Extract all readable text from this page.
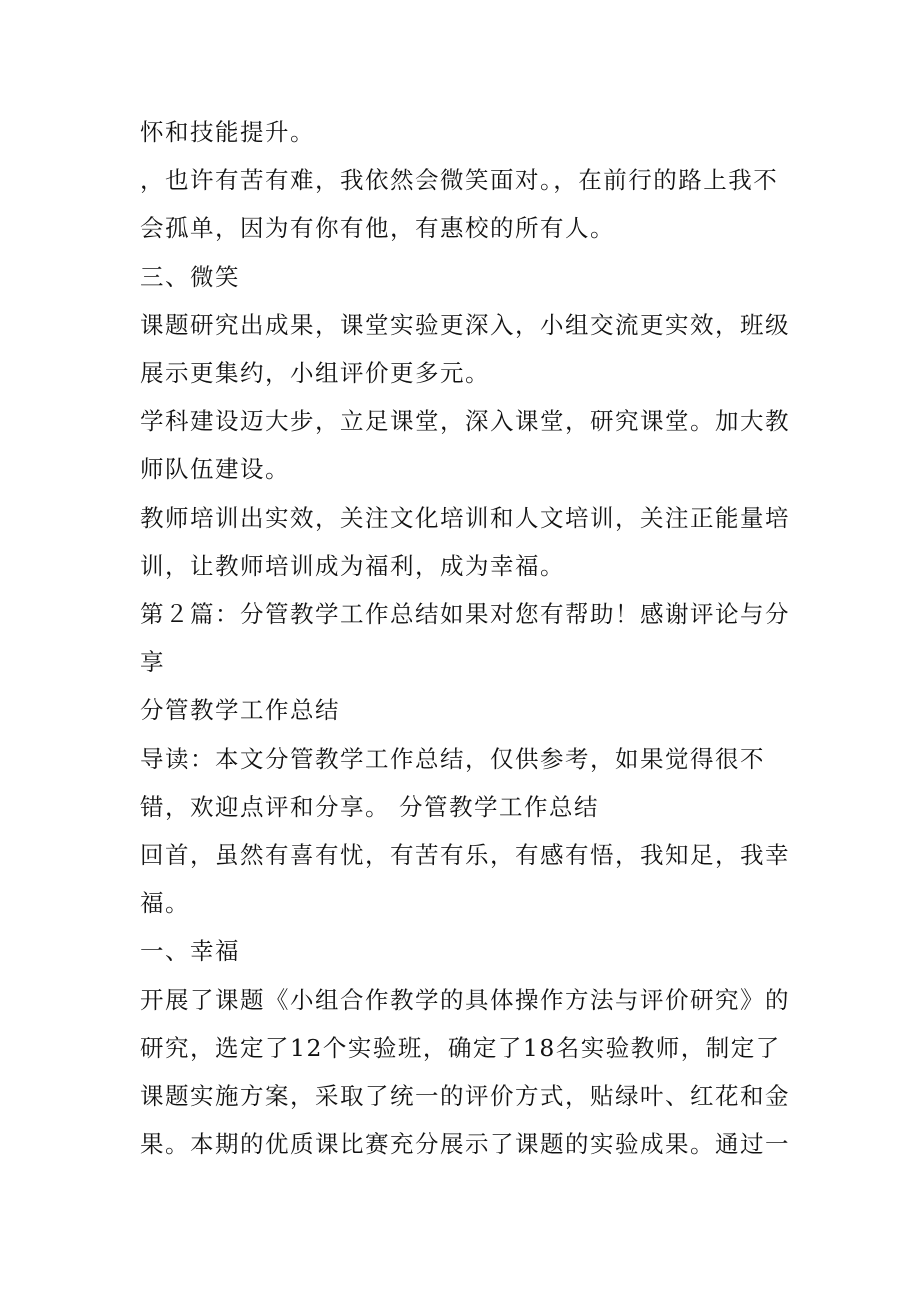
怀和技能提升。

，也许有苦有难，我依然会微笑面对。，在前行的路上我不会孤单，因为有你有他，有惠校的所有人。

三、微笑

课题研究出成果，课堂实验更深入，小组交流更实效，班级展示更集约，小组评价更多元。

学科建设迈大步，立足课堂，深入课堂，研究课堂。加大教师队伍建设。

教师培训出实效，关注文化培训和人文培训，关注正能量培训，让教师培训成为福利，成为幸福。

第２篇：分管教学工作总结如果对您有帮助！感谢评论与分享

分管教学工作总结

导读：本文分管教学工作总结，仅供参考，如果觉得很不错，欢迎点评和分享。 分管教学工作总结

回首，虽然有喜有忧，有苦有乐，有感有悟，我知足，我幸福。

一、幸福

开展了课题《小组合作教学的具体操作方法与评价研究》的研究，选定了12个实验班，确定了18名实验教师，制定了课题实施方案，采取了统一的评价方式，贴绿叶、红花和金果。本期的优质课比赛充分展示了课题的实验成果。通过一
